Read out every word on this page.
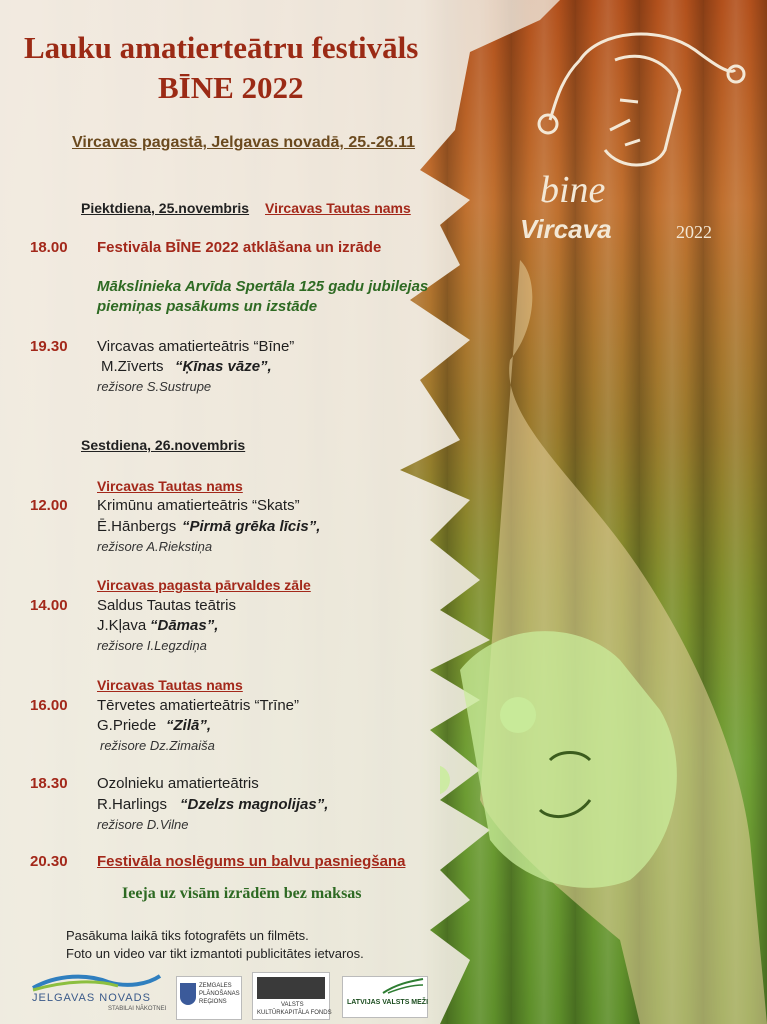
bine
Vircava	2022
Lauku amatierteātru festivāls
BĪNE 2022
Vircavas pagastā, Jelgavas novadā, 25.-26.11
Piektdiena, 25.novembris Vircavas Tautas nams
18.00 Festivāla BĪNE 2022 atklāšana un izrāde
Mākslinieka Arvīda Spertāla 125 gadu jubilejas
piemiņas pasākums un izstāde
19.30 Vircavas amatierteātris “Bīne”
M.Zīverts “Ķīnas vāze”,
režisore S.Sustrupe
Sestdiena, 26.novembris
Vircavas Tautas nams
12.00 Krimūnu amatierteātris “Skats”
Ē.Hānbergs “Pirmā grēka līcis”,
režisore A.Riekstiņa
Vircavas pagasta pārvaldes zāle
14.00 Saldus Tautas teātris
J.Kļava “Dāmas”,
režisore I.Legzdiņa
Vircavas Tautas nams
16.00 Tērvetes amatierteātris “Trīne”
G.Priede “Zilā”,
režisore Dz.Zimaiša
18.30 Ozolnieku amatierteātris
R.Harlings “Dzelzs magnolijas”,
režisore D.Vilne
20.30 Festivāla noslēgums un balvu pasniegšana
Ieeja uz visām izrādēm bez maksas
Pasākuma laikā tiks fotografēts un filmēts.
Foto un video var tikt izmantoti publicitātes ietvaros.
JELGAVAS NOVADS
STABILAI NĀKOTNEI
ZEMGALES
PLĀNOŠANAS
REĢIONS	VALSTS
KULTŪRKAPITĀLA FONDS
LATVIJAS VALSTS MEŽI
